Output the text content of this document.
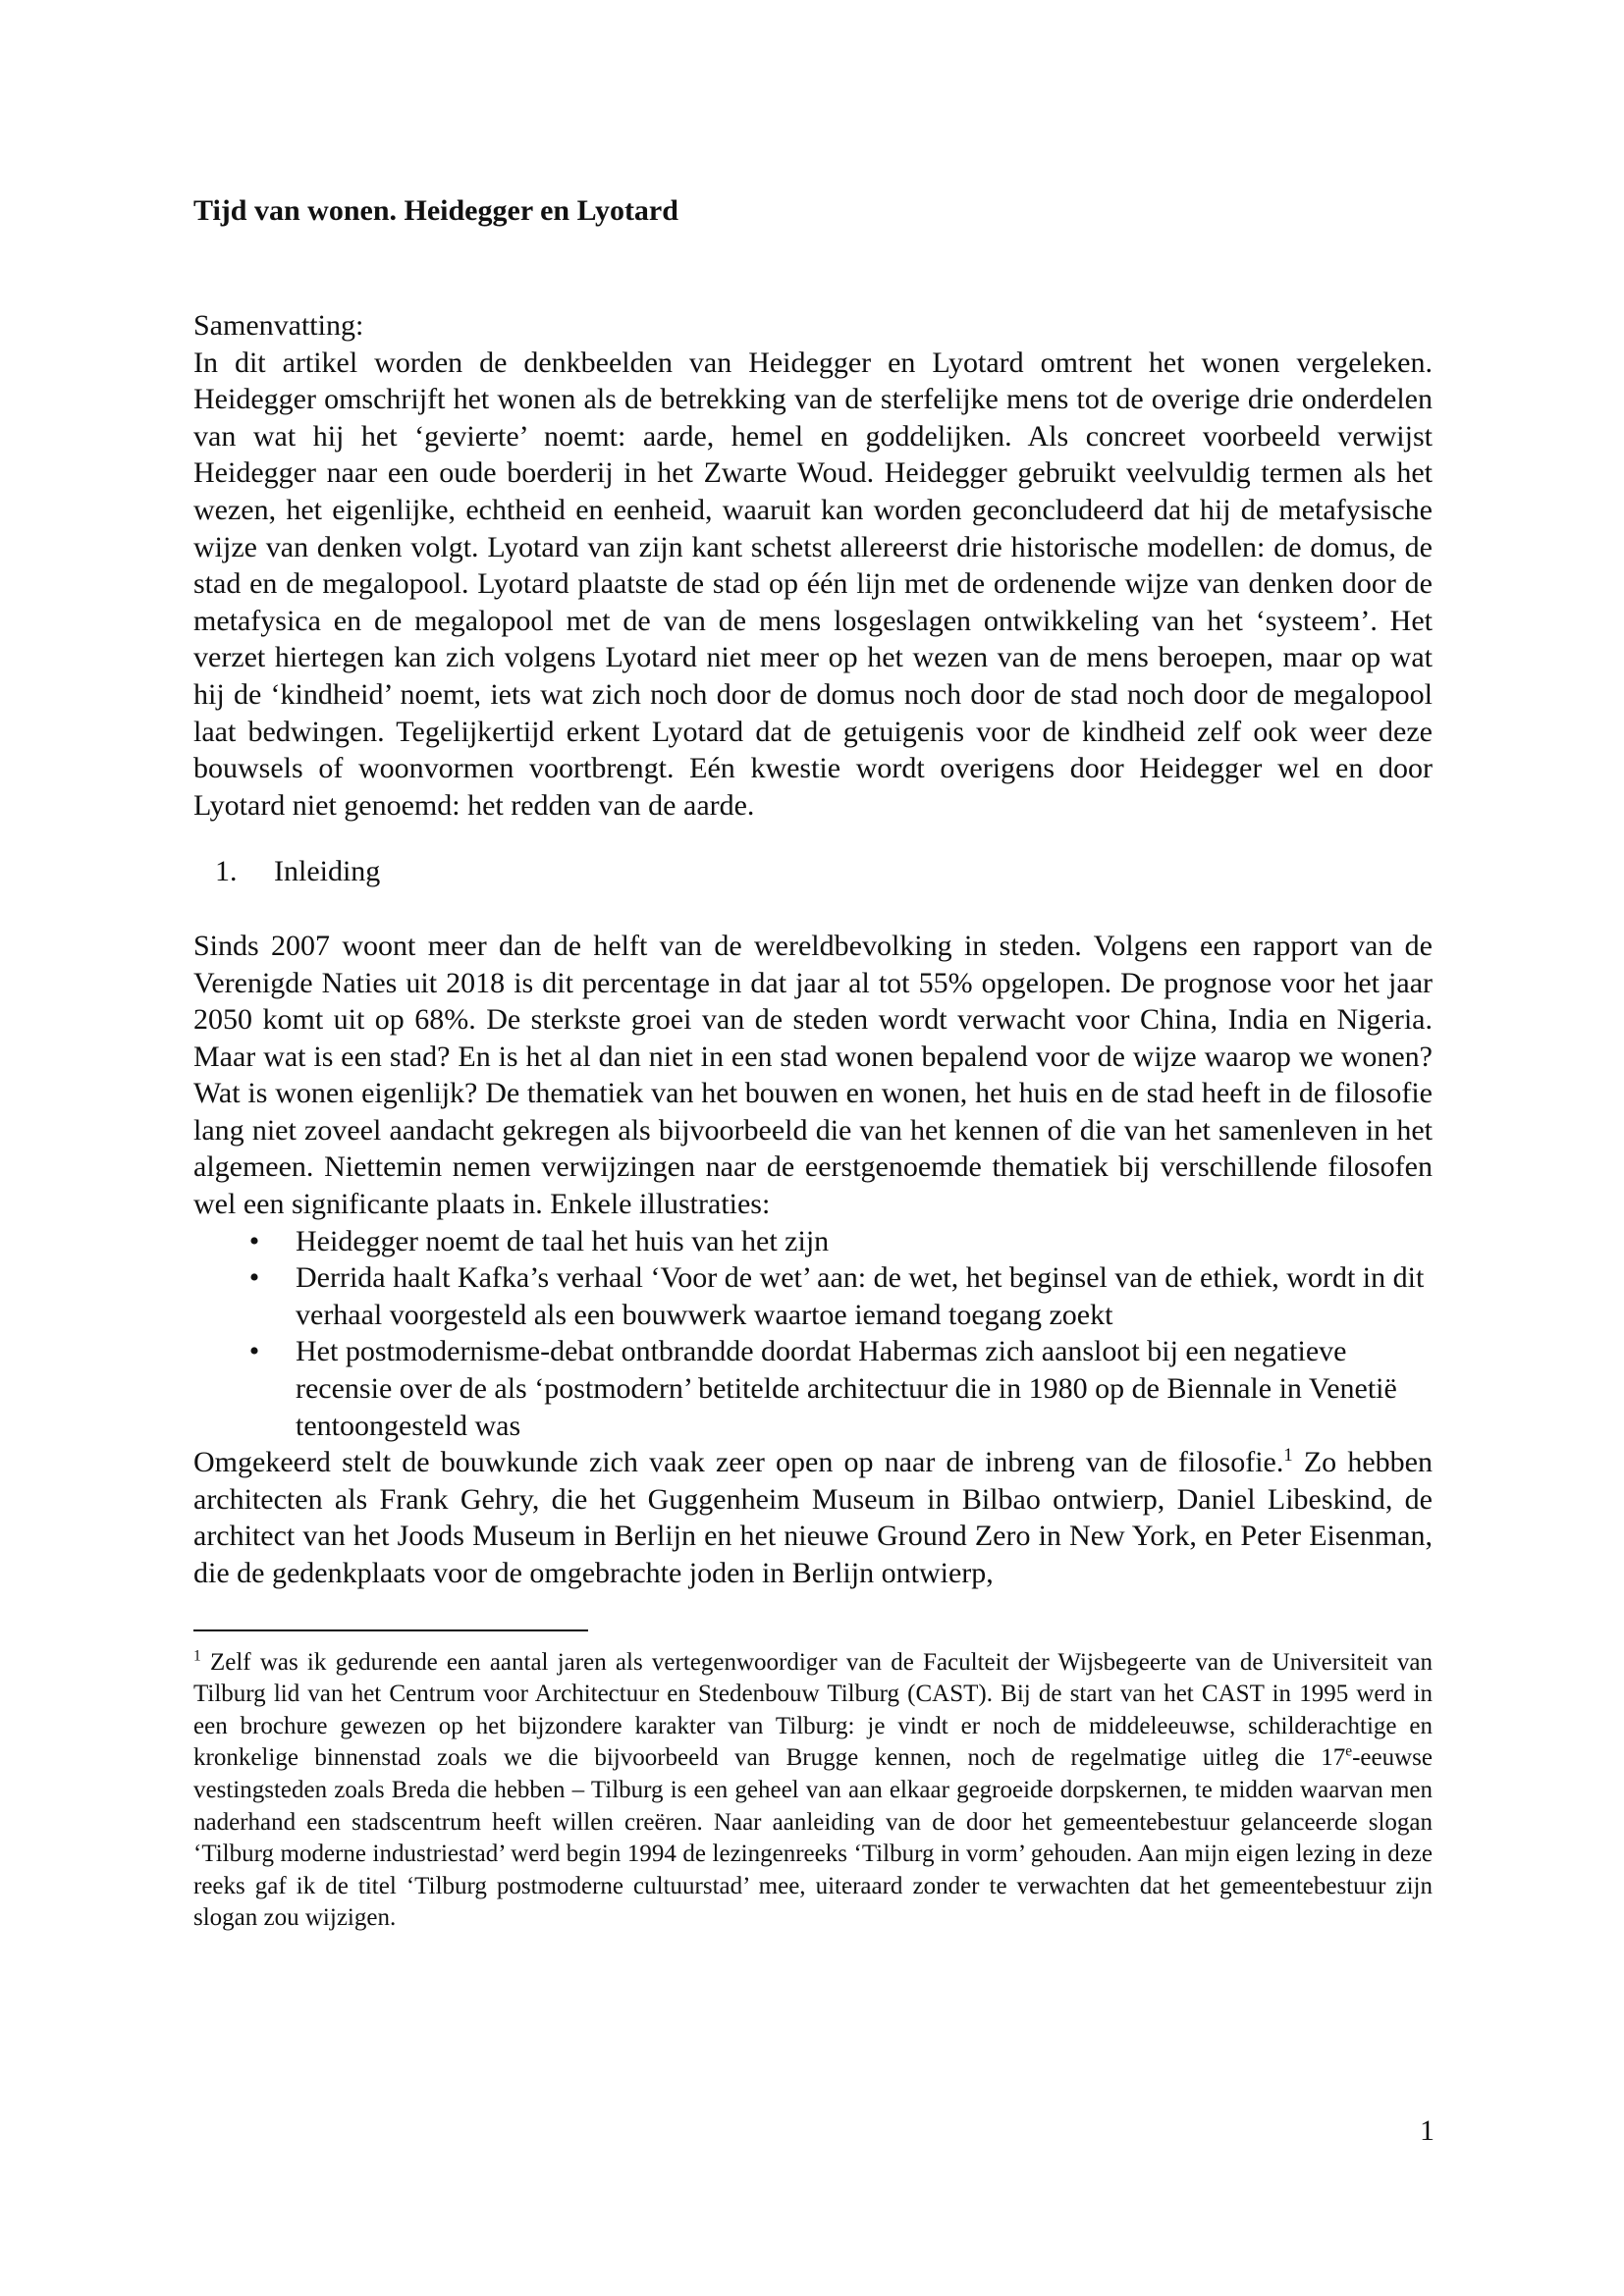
Tijd van wonen. Heidegger en Lyotard

Samenvatting:

In dit artikel worden de denkbeelden van Heidegger en Lyotard omtrent het wonen vergeleken. Heidegger omschrijft het wonen als de betrekking van de sterfelijke mens tot de overige drie onderdelen van wat hij het ‘gevierte’ noemt: aarde, hemel en goddelijken. Als concreet voorbeeld verwijst Heidegger naar een oude boerderij in het Zwarte Woud. Heidegger gebruikt veelvuldig termen als het wezen, het eigenlijke, echtheid en eenheid, waaruit kan worden geconcludeerd dat hij de metafysische wijze van denken volgt. Lyotard van zijn kant schetst allereerst drie historische modellen: de domus, de stad en de megalopool. Lyotard plaatste de stad op één lijn met de ordenende wijze van denken door de metafysica en de megalopool met de van de mens losgeslagen ontwikkeling van het ‘systeem’. Het verzet hiertegen kan zich volgens Lyotard niet meer op het wezen van de mens beroepen, maar op wat hij de ‘kindheid’ noemt, iets wat zich noch door de domus noch door de stad noch door de megalopool laat bedwingen. Tegelijkertijd erkent Lyotard dat de getuigenis voor de kindheid zelf ook weer deze bouwsels of woonvormen voortbrengt. Eén kwestie wordt overigens door Heidegger wel en door Lyotard niet genoemd: het redden van de aarde.

1. Inleiding

Sinds 2007 woont meer dan de helft van de wereldbevolking in steden. Volgens een rapport van de Verenigde Naties uit 2018 is dit percentage in dat jaar al tot 55% opgelopen. De prognose voor het jaar 2050 komt uit op 68%. De sterkste groei van de steden wordt verwacht voor China, India en Nigeria. Maar wat is een stad? En is het al dan niet in een stad wonen bepalend voor de wijze waarop we wonen? Wat is wonen eigenlijk? De thematiek van het bouwen en wonen, het huis en de stad heeft in de filosofie lang niet zoveel aandacht gekregen als bijvoorbeeld die van het kennen of die van het samenleven in het algemeen. Niettemin nemen verwijzingen naar de eerstgenoemde thematiek bij verschillende filosofen wel een significante plaats in. Enkele illustraties:

• Heidegger noemt de taal het huis van het zijn
• Derrida haalt Kafka’s verhaal ‘Voor de wet’ aan: de wet, het beginsel van de ethiek, wordt in dit verhaal voorgesteld als een bouwwerk waartoe iemand toegang zoekt
• Het postmodernisme-debat ontbrandde doordat Habermas zich aansloot bij een negatieve recensie over de als ‘postmodern’ betitelde architectuur die in 1980 op de Biennale in Venetië tentoongesteld was

Omgekeerd stelt de bouwkunde zich vaak zeer open op naar de inbreng van de filosofie.$^1$ Zo hebben architecten als Frank Gehry, die het Guggenheim Museum in Bilbao ontwierp, Daniel Libeskind, de architect van het Joods Museum in Berlijn en het nieuwe Ground Zero in New York, en Peter Eisenman, die de gedenkplaats voor de omgebrachte joden in Berlijn ontwierp,

$^1$ Zelf was ik gedurende een aantal jaren als vertegenwoordiger van de Faculteit der Wijsbegeerte van de Universiteit van Tilburg lid van het Centrum voor Architectuur en Stedenbouw Tilburg (CAST). Bij de start van het CAST in 1995 werd in een brochure gewezen op het bijzondere karakter van Tilburg: je vindt er noch de middeleeuwse, schilderachtige en kronkelige binnenstad zoals we die bijvoorbeeld van Brugge kennen, noch de regelmatige uitleg die 17e-eeuwse vestingsteden zoals Breda die hebben – Tilburg is een geheel van aan elkaar gegroeide dorpskernen, te midden waarvan men naderhand een stadscentrum heeft willen creëren. Naar aanleiding van de door het gemeentebestuur gelanceerde slogan ‘Tilburg moderne industriestad’ werd begin 1994 de lezingenreeks ‘Tilburg in vorm’ gehouden. Aan mijn eigen lezing in deze reeks gaf ik de titel ‘Tilburg postmoderne cultuurstad’ mee, uiteraard zonder te verwachten dat het gemeentebestuur zijn slogan zou wijzigen.

1
